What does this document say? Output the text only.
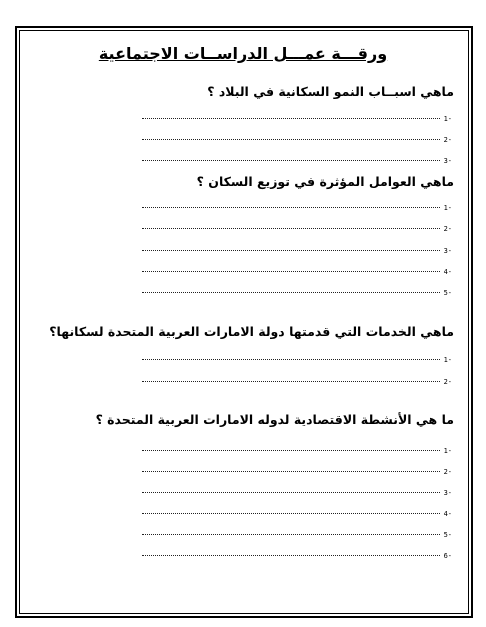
ورقـــة عمـــل الدراســات الاجتماعية
ماهي اسبــاب النمو السكانية في البلاد ؟
1-
2-
3-
ماهي العوامل المؤثرة في توزيع السكان ؟
1-
2-
3-
4-
5-
ماهي الخدمات التي قدمتها دولة الامارات العربية المتحدة لسكانها؟
1-
2-
ما هي الأنشطة الاقتصادية لدوله الامارات العربية المتحدة ؟
1-
2-
3-
4-
5-
6-
